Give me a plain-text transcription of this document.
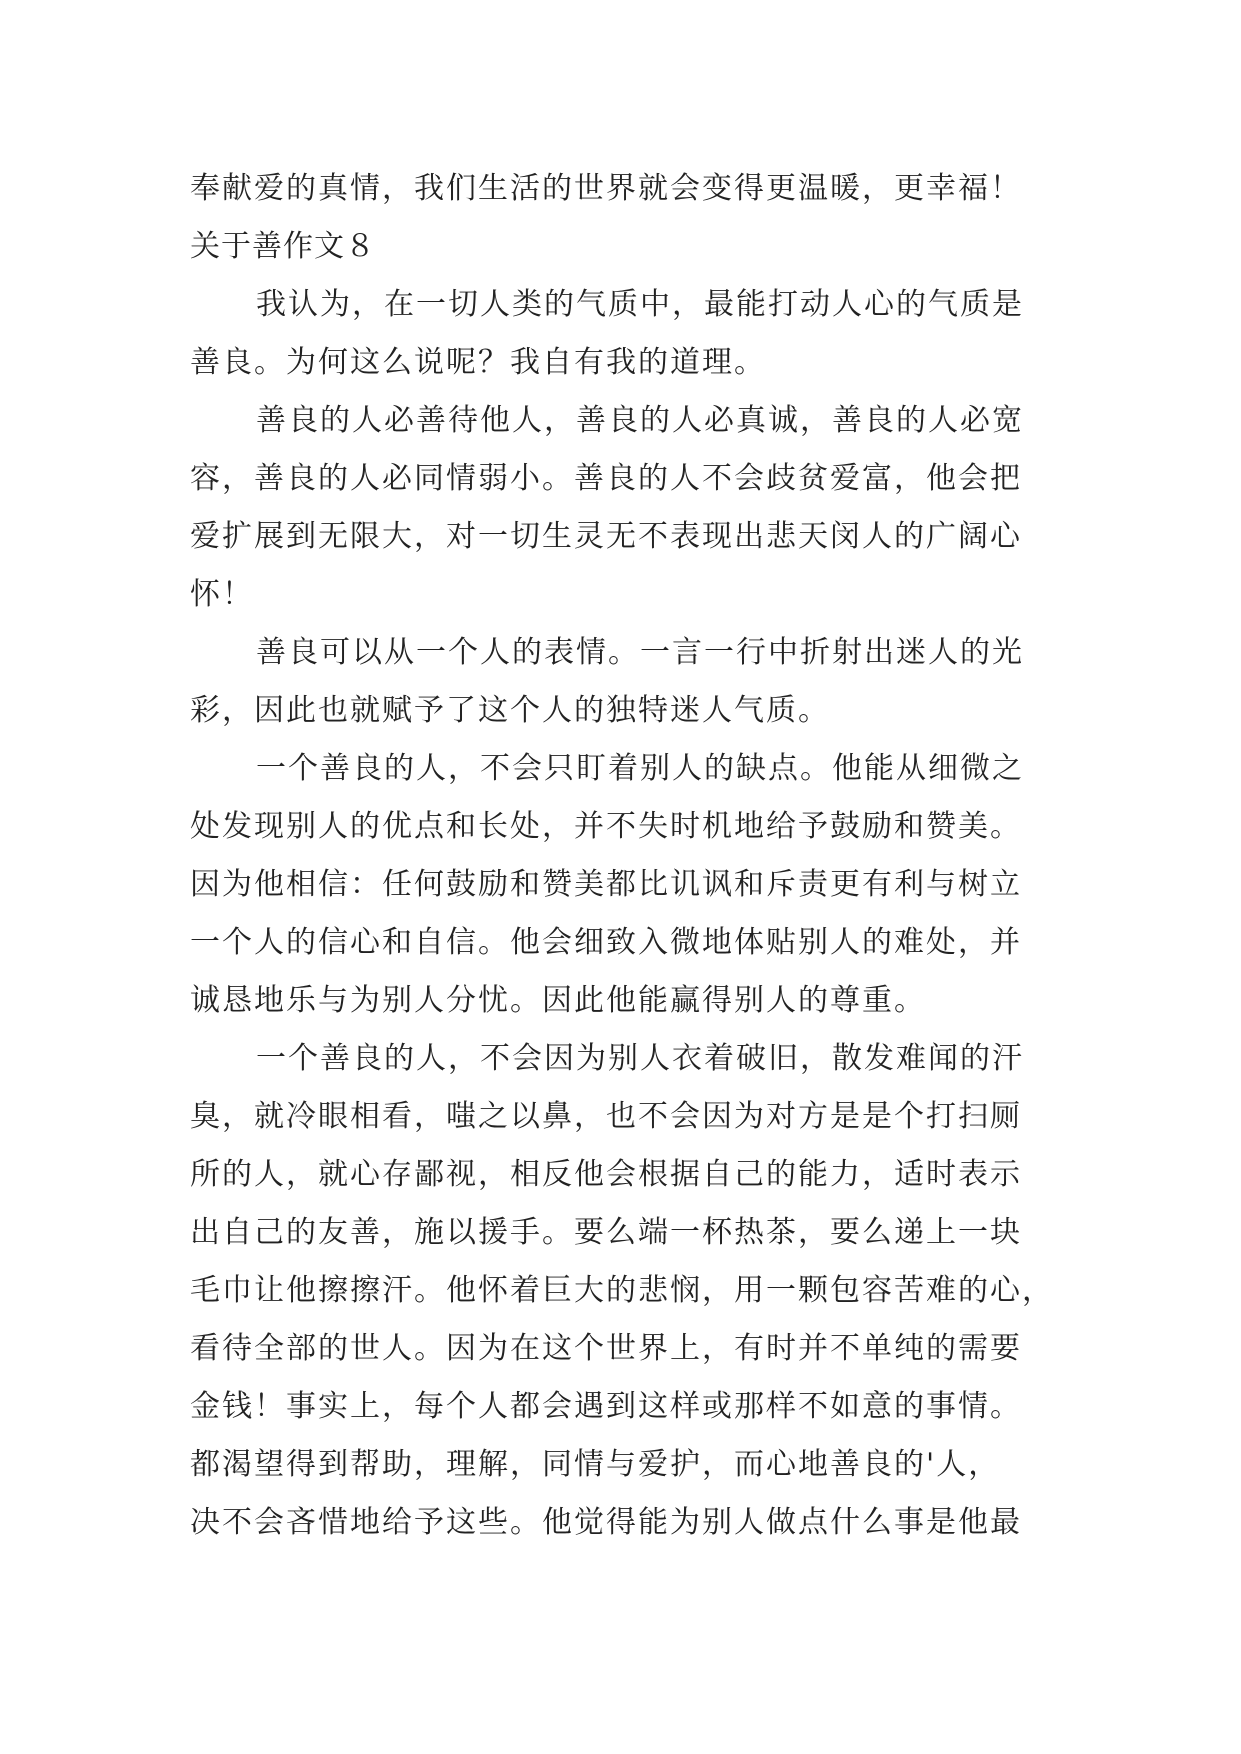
奉献爱的真情，我们生活的世界就会变得更温暖，更幸福！
关于善作文８
我认为，在一切人类的气质中，最能打动人心的气质是
善良。为何这么说呢？我自有我的道理。
善良的人必善待他人，善良的人必真诚，善良的人必宽
容，善良的人必同情弱小。善良的人不会歧贫爱富，他会把
爱扩展到无限大，对一切生灵无不表现出悲天闵人的广阔心
怀！
善良可以从一个人的表情。一言一行中折射出迷人的光
彩，因此也就赋予了这个人的独特迷人气质。
一个善良的人，不会只盯着别人的缺点。他能从细微之
处发现别人的优点和长处，并不失时机地给予鼓励和赞美。
因为他相信：任何鼓励和赞美都比讥讽和斥责更有利与树立
一个人的信心和自信。他会细致入微地体贴别人的难处，并
诚恳地乐与为别人分忧。因此他能赢得别人的尊重。
一个善良的人，不会因为别人衣着破旧，散发难闻的汗
臭，就冷眼相看，嗤之以鼻，也不会因为对方是是个打扫厕
所的人，就心存鄙视，相反他会根据自己的能力，适时表示
出自己的友善，施以援手。要么端一杯热茶，要么递上一块
毛巾让他擦擦汗。他怀着巨大的悲悯，用一颗包容苦难的心，
看待全部的世人。因为在这个世界上，有时并不单纯的需要
金钱！事实上，每个人都会遇到这样或那样不如意的事情。
都渴望得到帮助，理解，同情与爱护，而心地善良的'人，
决不会吝惜地给予这些。他觉得能为别人做点什么事是他最
